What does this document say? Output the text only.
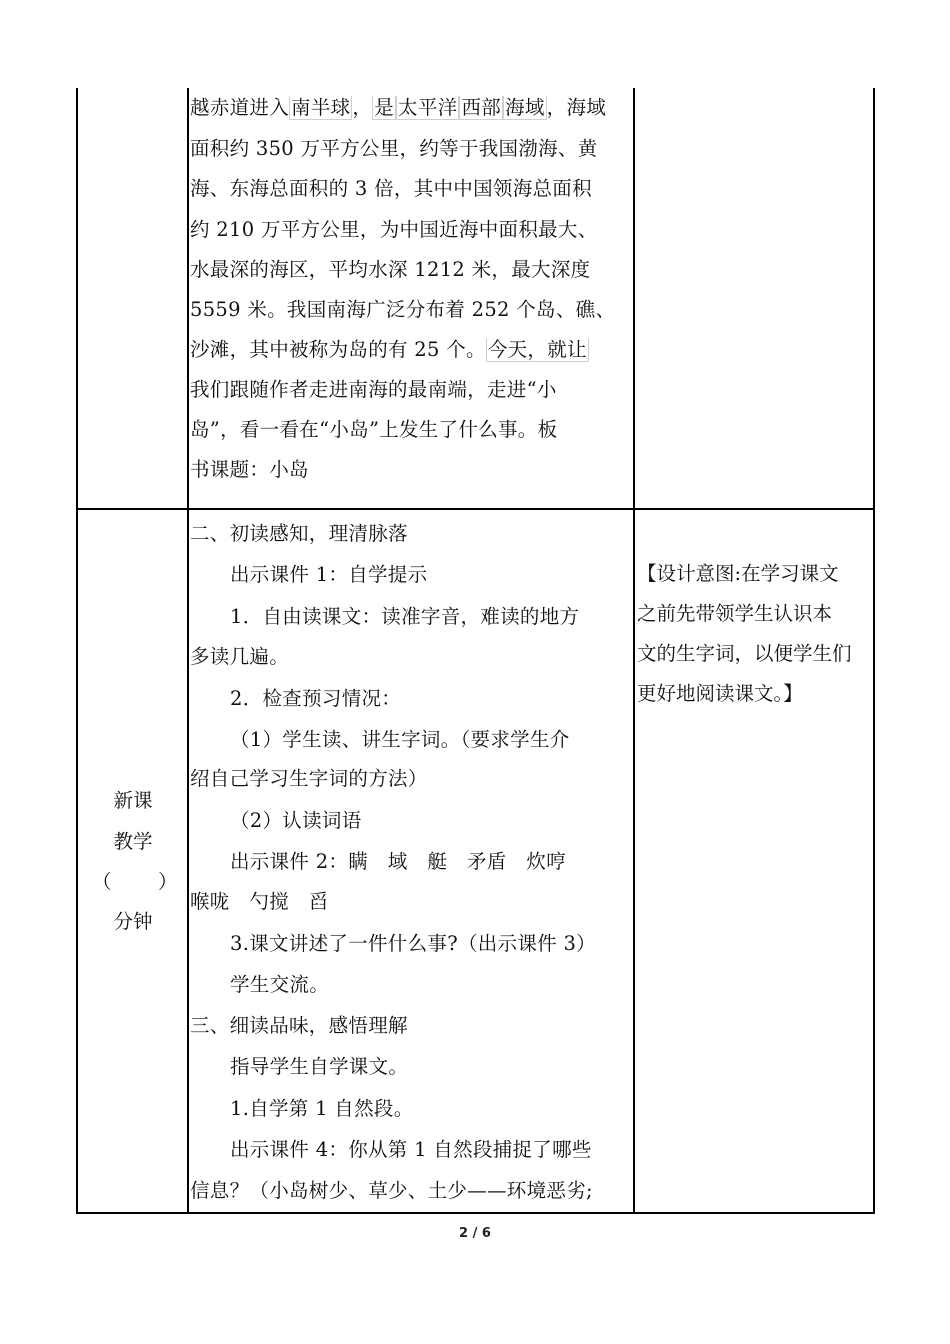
越赤道进入 南半球 ， 是 太平洋 西部 海域 ，海域
面积约 350 万平方公里，约等于我国渤海、黄
海、东海总面积的 3 倍，其中中国领海总面积
约 210 万平方公里，为中国近海中面积最大、
水最深的海区，平均水深 1212 米，最大深度
5559 米。我国南海广泛分布着 252 个岛、礁、
沙滩，其中被称为岛的有 25 个。 今天，就让
我们跟随作者走进南海的最南端，走进“小
岛”，看一看在“小岛”上发生了什么事。板
书课题：小岛
新课
教学
（ ）
分钟
二、初读感知，理清脉落
出示课件 1：自学提示
1．自由读课文：读准字音，难读的地方
多读几遍。
2．检查预习情况：
（1）学生读、讲生字词。（要求学生介
绍自己学习生字词的方法）
（2）认读词语
出示课件 2：瞒　域　艇　矛盾　炊哼
喉咙　勺搅　舀
3.课文讲述了一件什么事?（出示课件 3）
学生交流。
三、细读品味，感悟理解
指导学生自学课文。
1.自学第 1 自然段。
出示课件 4：你从第 1 自然段捕捉了哪些
信息？（小岛树少、草少、土少——环境恶劣;
【设计意图:在学习课文
之前先带领学生认识本
文的生字词，以便学生们
更好地阅读课文。】
2 / 6
